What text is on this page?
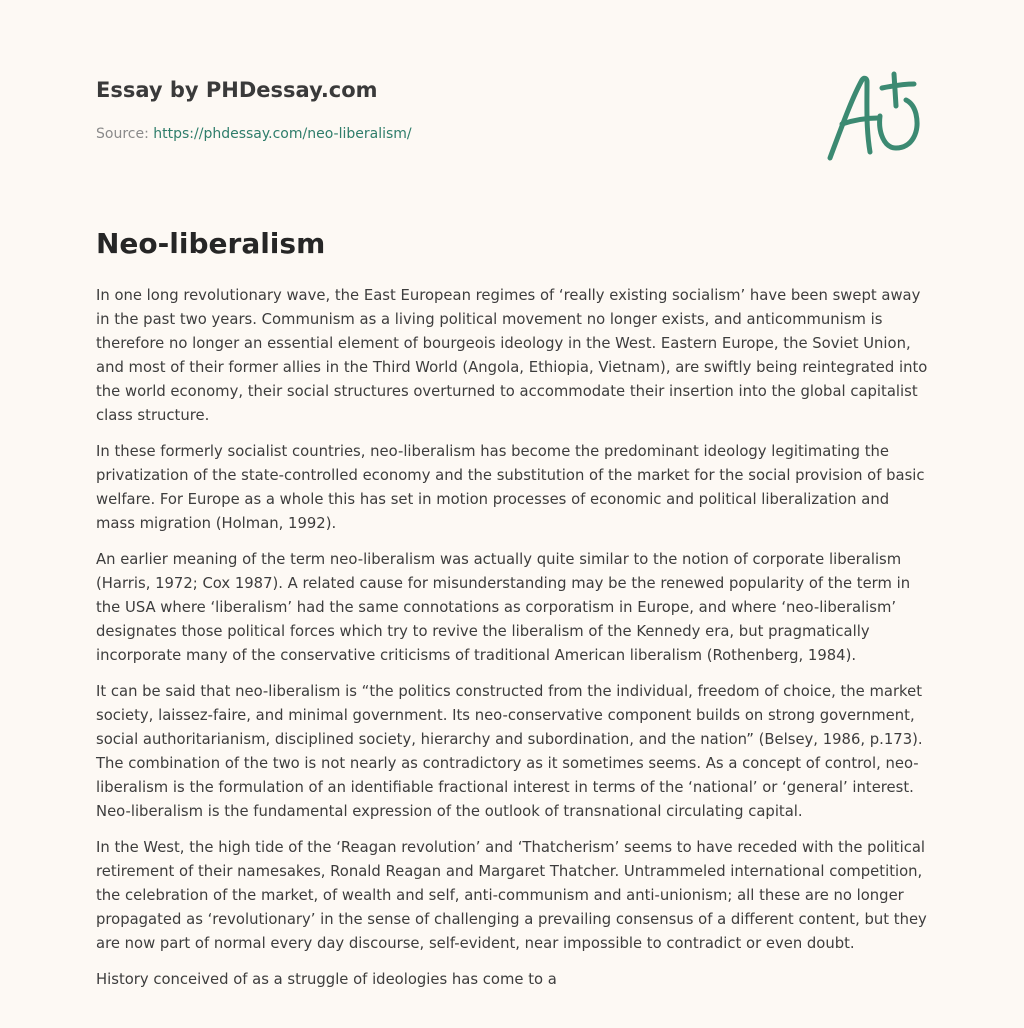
Essay by PHDessay.com
Source: https://phdessay.com/neo-liberalism/
Neo-liberalism

In one long revolutionary wave, the East European regimes of ‘really existing socialism’ have been swept away in the past two years. Communism as a living political movement no longer exists, and anticommunism is therefore no longer an essential element of bourgeois ideology in the West. Eastern Europe, the Soviet Union, and most of their former allies in the Third World (Angola, Ethiopia, Vietnam), are swiftly being reintegrated into the world economy, their social structures overturned to accommodate their insertion into the global capitalist class structure.

In these formerly socialist countries, neo-liberalism has become the predominant ideology legitimating the privatization of the state-controlled economy and the substitution of the market for the social provision of basic welfare. For Europe as a whole this has set in motion processes of economic and political liberalization and mass migration (Holman, 1992).

An earlier meaning of the term neo-liberalism was actually quite similar to the notion of corporate liberalism (Harris, 1972; Cox 1987). A related cause for misunderstanding may be the renewed popularity of the term in the USA where ‘liberalism’ had the same connotations as corporatism in Europe, and where ‘neo-liberalism’ designates those political forces which try to revive the liberalism of the Kennedy era, but pragmatically incorporate many of the conservative criticisms of traditional American liberalism (Rothenberg, 1984).

It can be said that neo-liberalism is “the politics constructed from the individual, freedom of choice, the market society, laissez-faire, and minimal government. Its neo-conservative component builds on strong government, social authoritarianism, disciplined society, hierarchy and subordination, and the nation” (Belsey, 1986, p.173). The combination of the two is not nearly as contradictory as it sometimes seems. As a concept of control, neo-liberalism is the formulation of an identifiable fractional interest in terms of the ‘national’ or ‘general’ interest. Neo-liberalism is the fundamental expression of the outlook of transnational circulating capital.

In the West, the high tide of the ‘Reagan revolution’ and ‘Thatcherism’ seems to have receded with the political retirement of their namesakes, Ronald Reagan and Margaret Thatcher. Untrammeled international competition, the celebration of the market, of wealth and self, anti-communism and anti-unionism; all these are no longer propagated as ‘revolutionary’ in the sense of challenging a prevailing consensus of a different content, but they are now part of normal every day discourse, self-evident, near impossible to contradict or even doubt.

History conceived of as a struggle of ideologies has come to a
